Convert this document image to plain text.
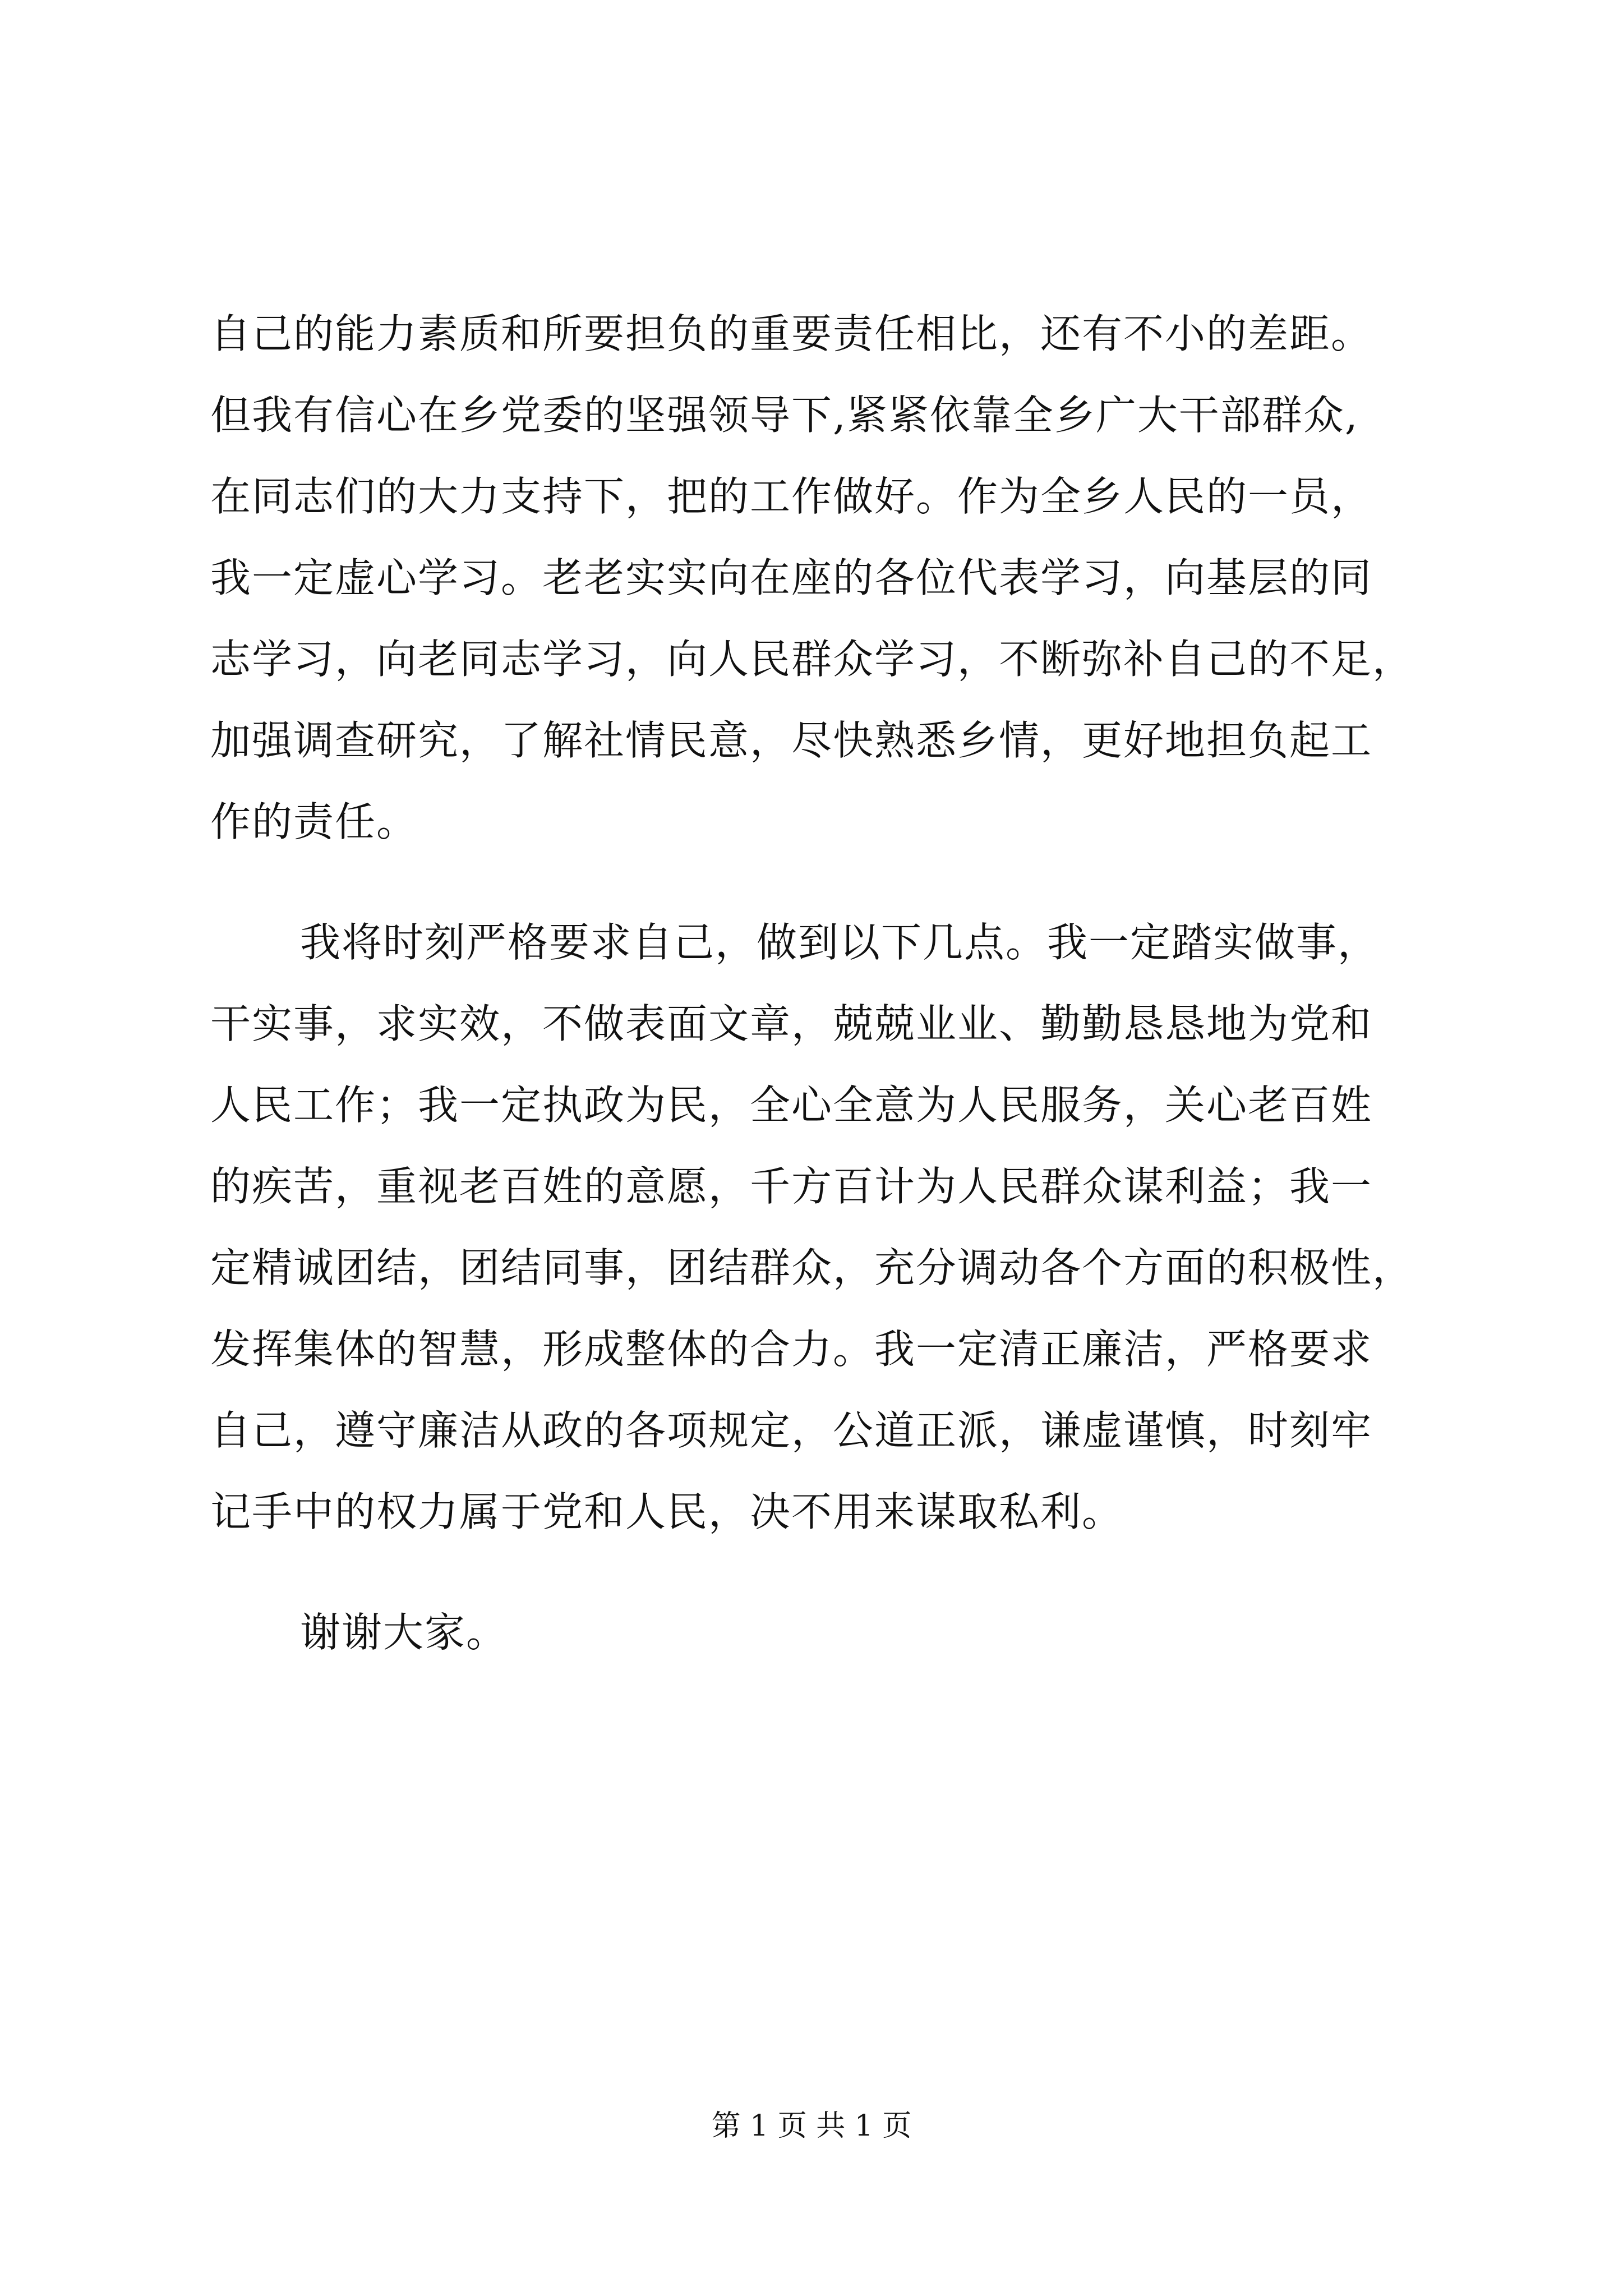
自己的能力素质和所要担负的重要责任相比，还有不小的差距。
但我有信心在乡党委的坚强领导下,紧紧依靠全乡广大干部群众,
在同志们的大力支持下，把的工作做好。作为全乡人民的一员，
我一定虚心学习。老老实实向在座的各位代表学习，向基层的同
志学习，向老同志学习，向人民群众学习，不断弥补自己的不足，
加强调查研究，了解社情民意，尽快熟悉乡情，更好地担负起工
作的责任。
我将时刻严格要求自己，做到以下几点。我一定踏实做事，
干实事，求实效，不做表面文章，兢兢业业、勤勤恳恳地为党和
人民工作；我一定执政为民，全心全意为人民服务，关心老百姓
的疾苦，重视老百姓的意愿，千方百计为人民群众谋利益；我一
定精诚团结，团结同事，团结群众，充分调动各个方面的积极性，
发挥集体的智慧，形成整体的合力。我一定清正廉洁，严格要求
自己，遵守廉洁从政的各项规定，公道正派，谦虚谨慎，时刻牢
记手中的权力属于党和人民，决不用来谋取私利。
谢谢大家。
第 1 页 共 1 页
